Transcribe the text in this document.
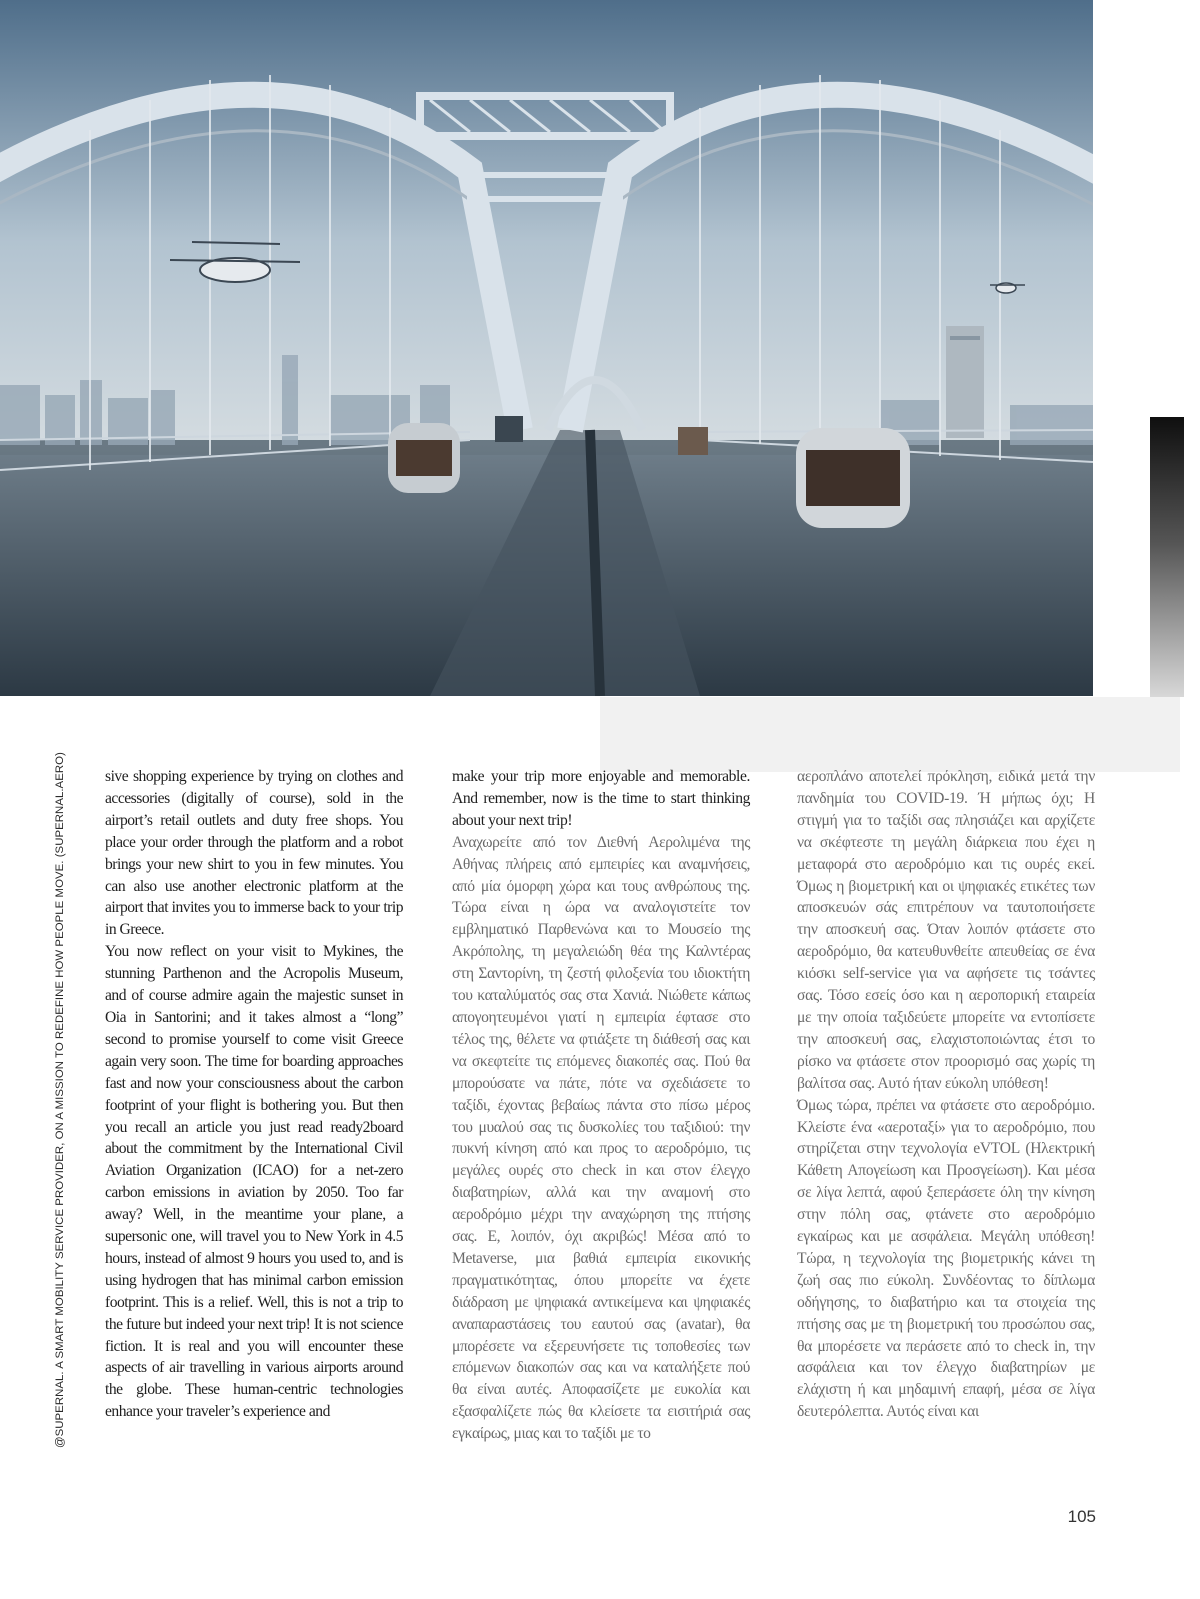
@SUPERNAL. A SMART MOBILITY SERVICE PROVIDER, ON A MISSION TO REDEFINE HOW PEOPLE MOVE. (SUPERNAL.AERO)	sive shopping experience by trying on clothes and accessories (digitally of course), sold in the airport’s retail outlets and duty free shops. You place your order through the platform and a robot brings your new shirt to you in few minutes. You can also use another electronic platform at the airport that invites you to immerse back to your trip in Greece.

You now reflect on your visit to Mykines, the stunning Parthenon and the Acropolis Museum, and of course admire again the majestic sunset in Oia in Santorini; and it takes almost a “long” second to promise yourself to come visit Greece again very soon. The time for boarding approaches fast and now your consciousness about the carbon footprint of your flight is bothering you. But then you recall an article you just read ready2board about the commitment by the International Civil Aviation Organization (ICAO) for a net-zero carbon emissions in aviation by 2050. Too far away? Well, in the meantime your plane, a supersonic one, will travel you to New York in 4.5 hours, instead of almost 9 hours you used to, and is using hydrogen that has minimal carbon emission footprint. This is a relief. Well, this is not a trip to the future but indeed your next trip! It is not science fiction. It is real and you will encounter these aspects of air travelling in various airports around the globe. These human-centric technologies enhance your traveler’s experience and

make your trip more enjoyable and memorable. And remember, now is the time to start thinking about your next trip!

Αναχωρείτε από τον Διεθνή Αερολιμένα της Αθήνας πλήρεις από εμπειρίες και αναμνήσεις, από μία όμορφη χώρα και τους ανθρώπους της. Τώρα είναι η ώρα να αναλογιστείτε τον εμβληματικό Παρθενώνα και το Μουσείο της Ακρόπολης, τη μεγαλειώδη θέα της Καλντέρας στη Σαντορίνη, τη ζεστή φιλοξενία του ιδιοκτήτη του καταλύματός σας στα Χανιά. Νιώθετε κάπως απογοητευμένοι γιατί η εμπειρία έφτασε στο τέλος της, θέλετε να φτιάξετε τη διάθεσή σας και να σκεφτείτε τις επόμενες διακοπές σας. Πού θα μπορούσατε να πάτε, πότε να σχεδιάσετε το ταξίδι, έχοντας βεβαίως πάντα στο πίσω μέρος του μυαλού σας τις δυσκολίες του ταξιδιού: την πυκνή κίνηση από και προς το αεροδρόμιο, τις μεγάλες ουρές στο check in και στον έλεγχο διαβατηρίων, αλλά και την αναμονή στο αεροδρόμιο μέχρι την αναχώρηση της πτήσης σας. Ε, λοιπόν, όχι ακριβώς! Μέσα από το Metaverse, μια βαθιά εμπειρία εικονικής πραγματικότητας, όπου μπορείτε να έχετε διάδραση με ψηφιακά αντικείμενα και ψηφιακές αναπαραστάσεις του εαυτού σας (avatar), θα μπορέσετε να εξερευνήσετε τις τοποθεσίες των επόμενων διακοπών σας και να καταλήξετε πού θα είναι αυτές. Αποφασίζετε με ευκολία και εξασφαλίζετε πώς θα κλείσετε τα εισιτήριά σας εγκαίρως, μιας και το ταξίδι με το

αεροπλάνο αποτελεί πρόκληση, ειδικά μετά την πανδημία του COVID-19. Ή μήπως όχι; Η στιγμή για το ταξίδι σας πλησιάζει και αρχίζετε να σκέφτεστε τη μεγάλη διάρκεια που έχει η μεταφορά στο αεροδρόμιο και τις ουρές εκεί. Όμως η βιομετρική και οι ψηφιακές ετικέτες των αποσκευών σάς επιτρέπουν να ταυτοποιήσετε την αποσκευή σας. Όταν λοιπόν φτάσετε στο αεροδρόμιο, θα κατευθυνθείτε απευθείας σε ένα κιόσκι self-service για να αφήσετε τις τσάντες σας. Τόσο εσείς όσο και η αεροπορική εταιρεία με την οποία ταξιδεύετε μπορείτε να εντοπίσετε την αποσκευή σας, ελαχιστοποιώντας έτσι το ρίσκο να φτάσετε στον προορισμό σας χωρίς τη βαλίτσα σας. Αυτό ήταν εύκολη υπόθεση!

Όμως τώρα, πρέπει να φτάσετε στο αεροδρόμιο. Κλείστε ένα «αεροταξί» για το αεροδρόμιο, που στηρίζεται στην τεχνολογία eVTOL (Ηλεκτρική Κάθετη Απογείωση και Προσγείωση). Και μέσα σε λίγα λεπτά, αφού ξεπεράσετε όλη την κίνηση στην πόλη σας, φτάνετε στο αεροδρόμιο εγκαίρως και με ασφάλεια. Μεγάλη υπόθεση! Τώρα, η τεχνολογία της βιομετρικής κάνει τη ζωή σας πιο εύκολη. Συνδέοντας το δίπλωμα οδήγησης, το διαβατήριο και τα στοιχεία της πτήσης σας με τη βιομετρική του προσώπου σας, θα μπορέσετε να περάσετε από το check in, την ασφάλεια και τον έλεγχο διαβατηρίων με ελάχιστη ή και μηδαμινή επαφή, μέσα σε λίγα δευτερόλεπτα. Αυτός είναι και

105
